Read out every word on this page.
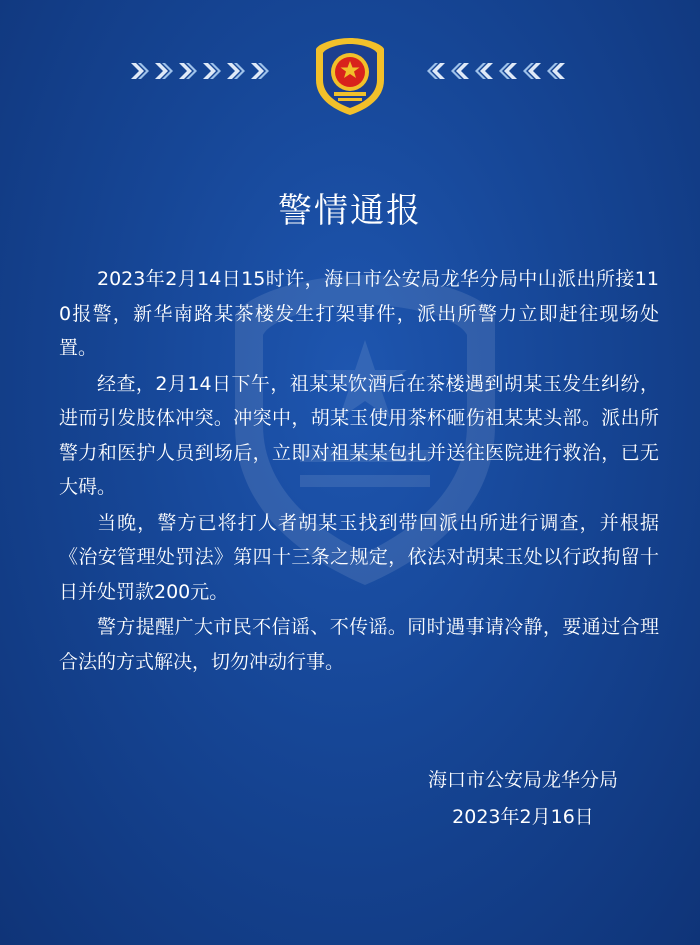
警情通报

2023年2月14日15时许，海口市公安局龙华分局中山派出所接110报警，新华南路某茶楼发生打架事件，派出所警力立即赶往现场处置。

经查，2月14日下午，祖某某饮酒后在茶楼遇到胡某玉发生纠纷，进而引发肢体冲突。冲突中，胡某玉使用茶杯砸伤祖某某头部。派出所警力和医护人员到场后，立即对祖某某包扎并送往医院进行救治，已无大碍。

当晚，警方已将打人者胡某玉找到带回派出所进行调查，并根据《治安管理处罚法》第四十三条之规定，依法对胡某玉处以行政拘留十日并处罚款200元。

警方提醒广大市民不信谣、不传谣。同时遇事请冷静，要通过合理合法的方式解决，切勿冲动行事。

海口市公安局龙华分局
2023年2月16日
